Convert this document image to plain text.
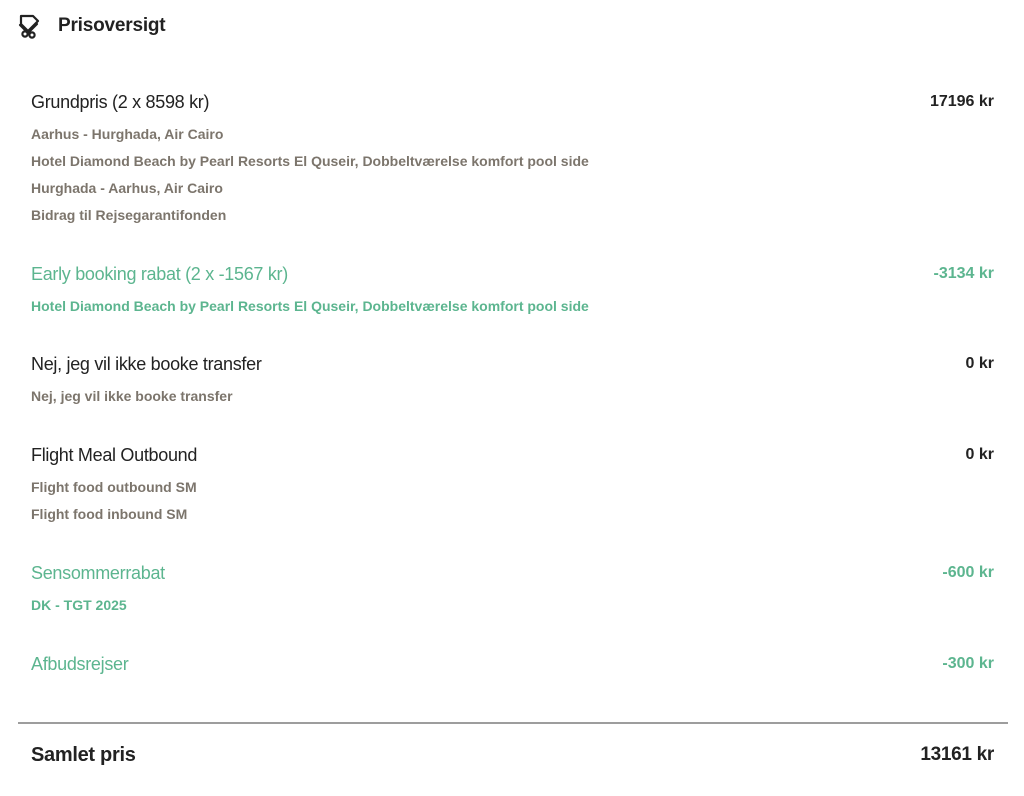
Prisoversigt
Grundpris (2 x 8598 kr)	17196 kr
Aarhus - Hurghada, Air Cairo
Hotel Diamond Beach by Pearl Resorts El Quseir, Dobbeltværelse komfort pool side
Hurghada - Aarhus, Air Cairo
Bidrag til Rejsegarantifonden
Early booking rabat (2 x -1567 kr)	-3134 kr
Hotel Diamond Beach by Pearl Resorts El Quseir, Dobbeltværelse komfort pool side
Nej, jeg vil ikke booke transfer	0 kr
Nej, jeg vil ikke booke transfer
Flight Meal Outbound	0 kr
Flight food outbound SM
Flight food inbound SM
Sensommerrabat	-600 kr
DK - TGT 2025
Afbudsrejser	-300 kr
Samlet pris	13161 kr
